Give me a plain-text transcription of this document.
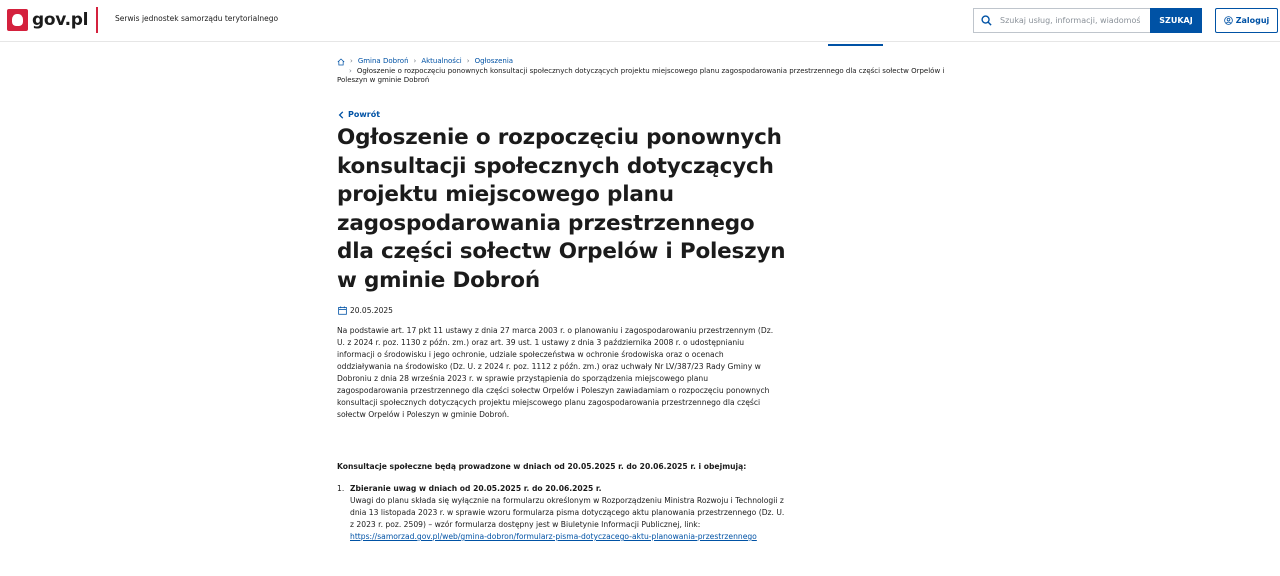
gov.pl	Serwis jednostek samorządu terytorialnego
Szukaj usług, informacji, wiadomości	SZUKAJ	Zaloguj
› Gmina Dobroń › Aktualności › Ogłoszenia
› Ogłoszenie o rozpoczęciu ponownych konsultacji społecznych dotyczących projektu miejscowego planu zagospodarowania przestrzennego dla części sołectw Orpelów i
Poleszyn w gminie Dobroń
Powrót
Ogłoszenie o rozpoczęciu ponownych konsultacji społecznych dotyczących projektu miejscowego planu zagospodarowania przestrzennego dla części sołectw Orpelów i Poleszyn w gminie Dobroń
20.05.2025

Na podstawie art. 17 pkt 11 ustawy z dnia 27 marca 2003 r. o planowaniu i zagospodarowaniu przestrzennym (Dz. U. z 2024 r. poz. 1130 z późn. zm.) oraz art. 39 ust. 1 ustawy z dnia 3 października 2008 r. o udostępnianiu informacji o środowisku i jego ochronie, udziale społeczeństwa w ochronie środowiska oraz o ocenach oddziaływania na środowisko (Dz. U. z 2024 r. poz. 1112 z późn. zm.) oraz uchwały Nr LV/387/23 Rady Gminy w Dobroniu z dnia 28 września 2023 r. w sprawie przystąpienia do sporządzenia miejscowego planu zagospodarowania przestrzennego dla części sołectw Orpelów i Poleszyn zawiadamiam o rozpoczęciu ponownych konsultacji społecznych dotyczących projektu miejscowego planu zagospodarowania przestrzennego dla części sołectw Orpelów i Poleszyn w gminie Dobroń.

Konsultacje społeczne będą prowadzone w dniach od 20.05.2025 r. do 20.06.2025 r. i obejmują:

1. Zbieranie uwag w dniach od 20.05.2025 r. do 20.06.2025 r.
Uwagi do planu składa się wyłącznie na formularzu określonym w Rozporządzeniu Ministra Rozwoju i Technologii z dnia 13 listopada 2023 r. w sprawie wzoru formularza pisma dotyczącego aktu planowania przestrzennego (Dz. U. z 2023 r. poz. 2509) – wzór formularza dostępny jest w Biuletynie Informacji Publicznej, link: https://samorzad.gov.pl/web/gmina-dobron/formularz-pisma-dotyczacego-aktu-planowania-przestrzennego
